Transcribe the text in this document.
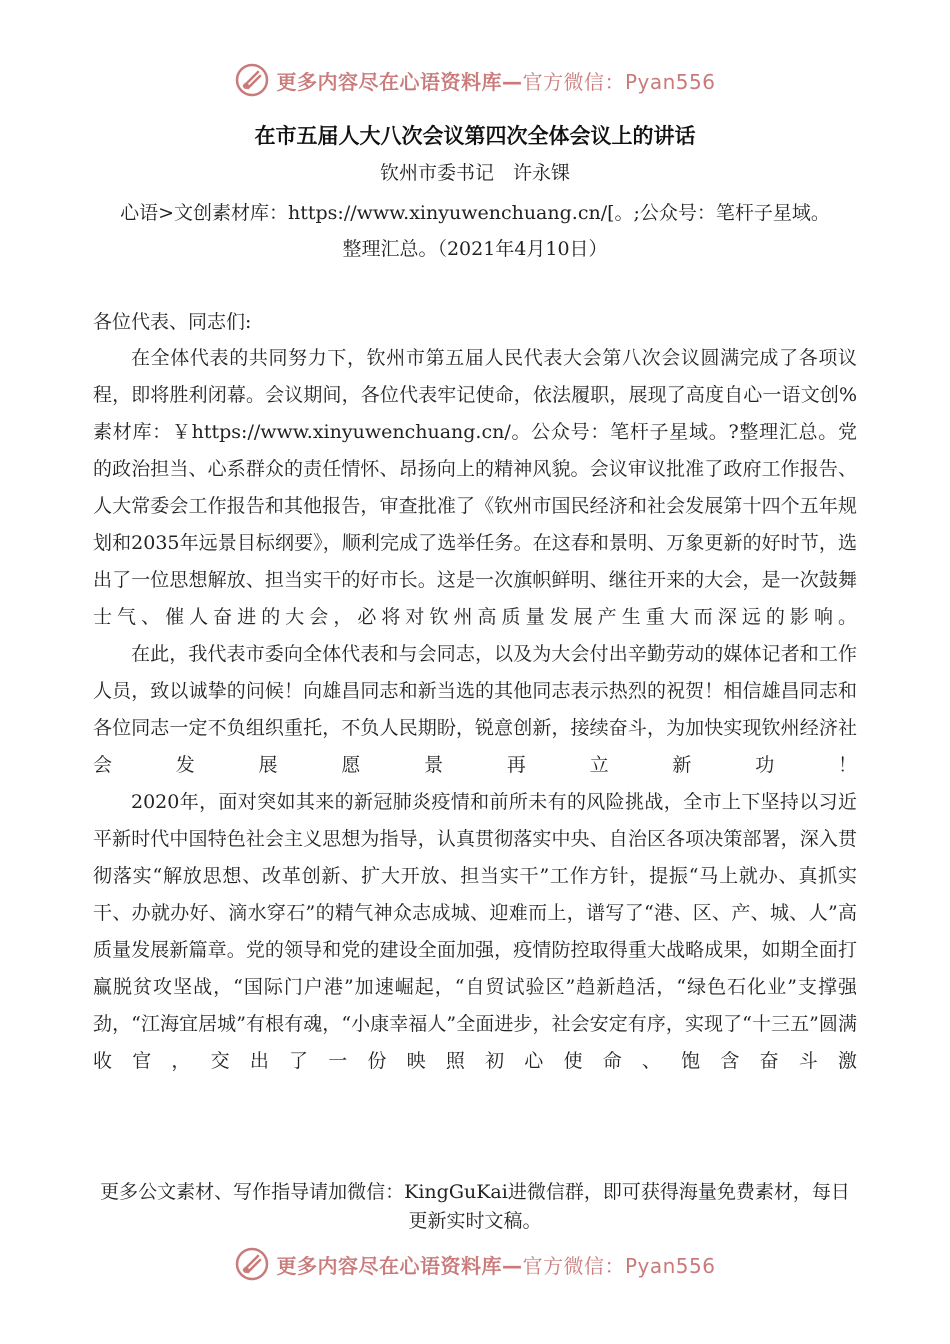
更多内容尽在心语资料库—官方微信：Pyan556
在市五届人大八次会议第四次全体会议上的讲话
钦州市委书记　许永锞
心语>文创素材库：https://www.xinyuwenchuang.cn/[。;公众号：笔杆子星域。
整理汇总。（2021年4月10日）
各位代表、同志们:

在全体代表的共同努力下，钦州市第五届人民代表大会第八次会议圆满完成了各项议程，即将胜利闭幕。会议期间，各位代表牢记使命，依法履职，展现了高度自心一语文创%素材库：￥https://www.xinyuwenchuang.cn/。公众号：笔杆子星域。?整理汇总。党的政治担当、心系群众的责任情怀、昂扬向上的精神风貌。会议审议批准了政府工作报告、人大常委会工作报告和其他报告，审查批准了《钦州市国民经济和社会发展第十四个五年规划和2035年远景目标纲要》，顺利完成了选举任务。在这春和景明、万象更新的好时节，选出了一位思想解放、担当实干的好市长。这是一次旗帜鲜明、继往开来的大会，是一次鼓舞士气、催人奋进的大会，必将对钦州高质量发展产生重大而深远的影响。

在此，我代表市委向全体代表和与会同志，以及为大会付出辛勤劳动的媒体记者和工作人员，致以诚挚的问候！向雄昌同志和新当选的其他同志表示热烈的祝贺！相信雄昌同志和各位同志一定不负组织重托，不负人民期盼，锐意创新，接续奋斗，为加快实现钦州经济社会发展愿景再立新功！

2020年，面对突如其来的新冠肺炎疫情和前所未有的风险挑战，全市上下坚持以习近平新时代中国特色社会主义思想为指导，认真贯彻落实中央、自治区各项决策部署，深入贯彻落实“解放思想、改革创新、扩大开放、担当实干”工作方针，提振“马上就办、真抓实干、办就办好、滴水穿石”的精气神众志成城、迎难而上，谱写了“港、区、产、城、人”高质量发展新篇章。党的领导和党的建设全面加强，疫情防控取得重大战略成果，如期全面打赢脱贫攻坚战，“国际门户港”加速崛起，“自贸试验区”趋新趋活，“绿色石化业”支撑强劲，“江海宜居城”有根有魂，“小康幸福人”全面进步，社会安定有序，实现了“十三五”圆满收官，交出了一份映照初心使命、饱含奋斗激

更多公文素材、写作指导请加微信：KingGuKai进微信群，即可获得海量免费素材，每日更新实时文稿。
更多内容尽在心语资料库—官方微信：Pyan556
